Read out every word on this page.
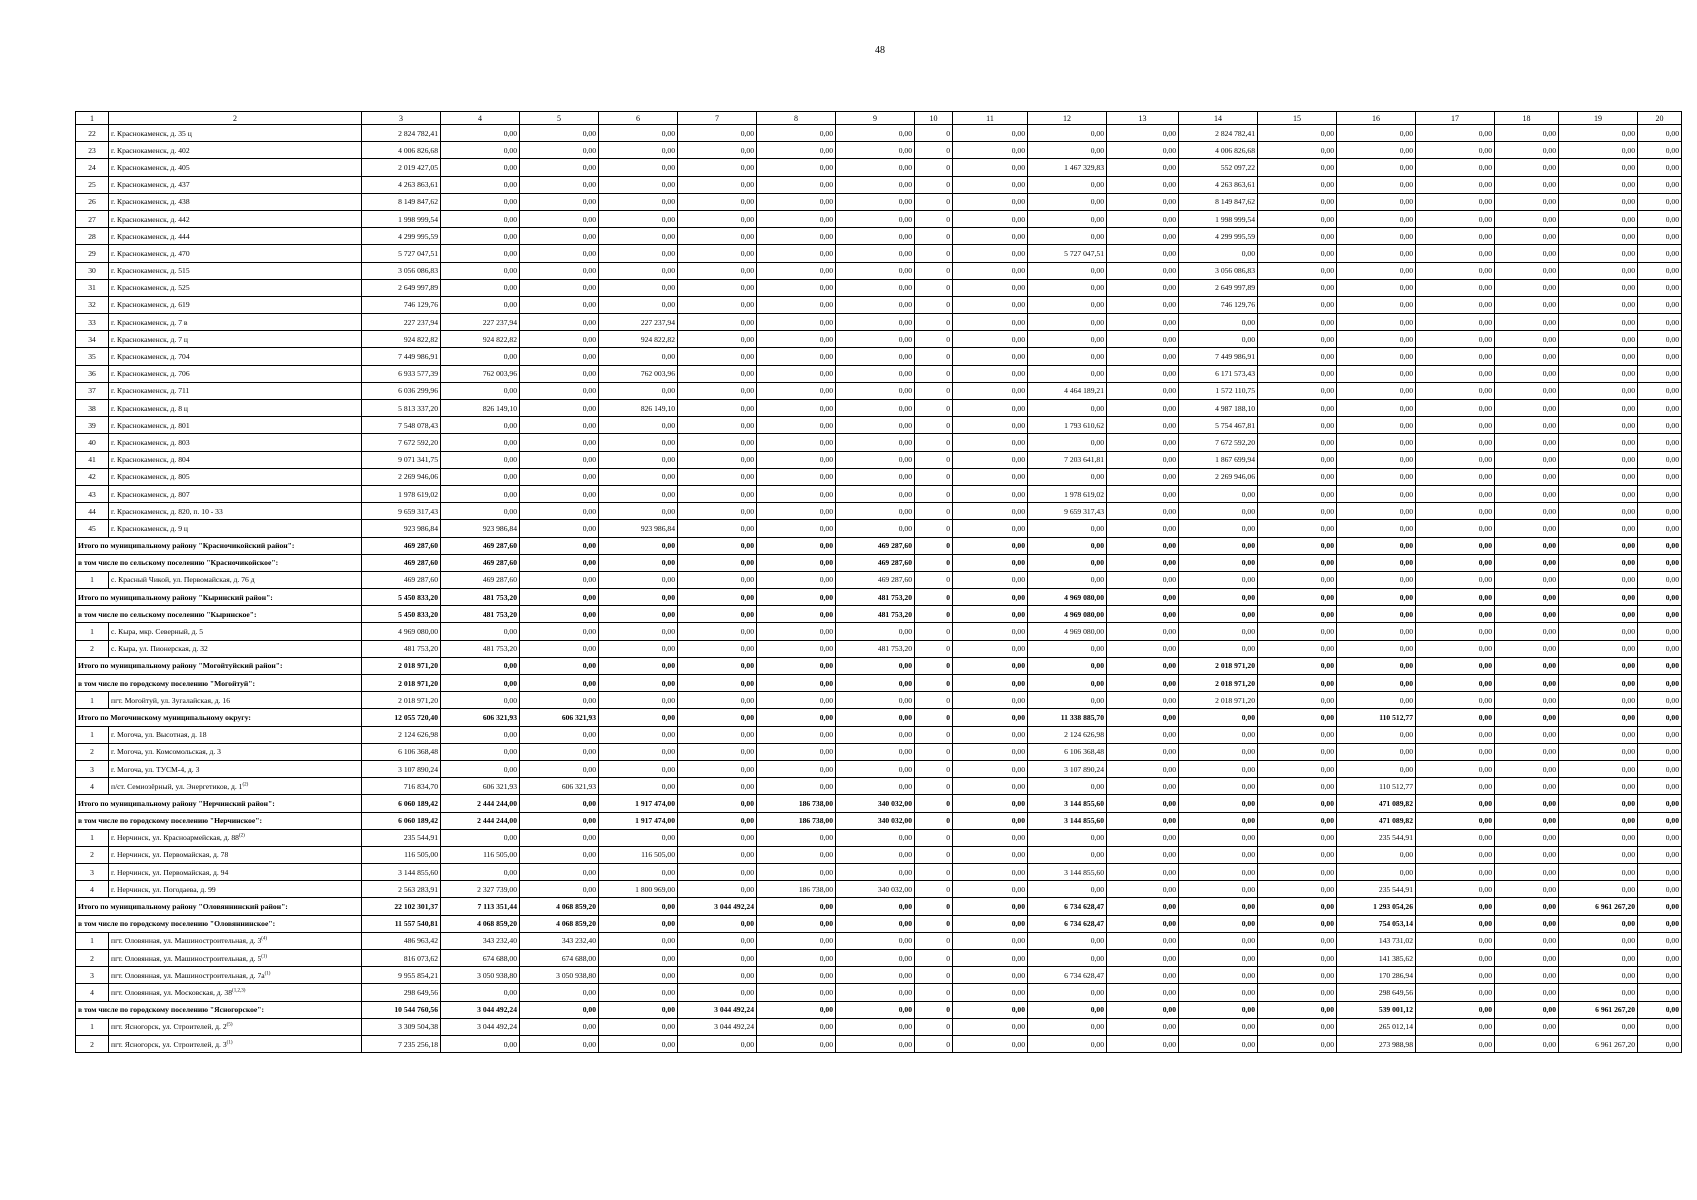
48
1	2	3	4	5	6	7	8	9	10	11	12	13	14	15	16	17	18	19	20
22	г. Краснокаменск, д. 35 ц	2 824 782,41	0,00	0,00	0,00	0,00	0,00	0,00	0	0,00	0,00	0,00	2 824 782,41	0,00	0,00	0,00	0,00	0,00	0,00
23	г. Краснокаменск, д. 402	4 006 826,68	0,00	0,00	0,00	0,00	0,00	0,00	0	0,00	0,00	0,00	4 006 826,68	0,00	0,00	0,00	0,00	0,00	0,00
24	г. Краснокаменск, д. 405	2 019 427,05	0,00	0,00	0,00	0,00	0,00	0,00	0	0,00	1 467 329,83	0,00	552 097,22	0,00	0,00	0,00	0,00	0,00	0,00
25	г. Краснокаменск, д. 437	4 263 863,61	0,00	0,00	0,00	0,00	0,00	0,00	0	0,00	0,00	0,00	4 263 863,61	0,00	0,00	0,00	0,00	0,00	0,00
26	г. Краснокаменск, д. 438	8 149 847,62	0,00	0,00	0,00	0,00	0,00	0,00	0	0,00	0,00	0,00	8 149 847,62	0,00	0,00	0,00	0,00	0,00	0,00
27	г. Краснокаменск, д. 442	1 998 999,54	0,00	0,00	0,00	0,00	0,00	0,00	0	0,00	0,00	0,00	1 998 999,54	0,00	0,00	0,00	0,00	0,00	0,00
28	г. Краснокаменск, д. 444	4 299 995,59	0,00	0,00	0,00	0,00	0,00	0,00	0	0,00	0,00	0,00	4 299 995,59	0,00	0,00	0,00	0,00	0,00	0,00
29	г. Краснокаменск, д. 470	5 727 047,51	0,00	0,00	0,00	0,00	0,00	0,00	0	0,00	5 727 047,51	0,00	0,00	0,00	0,00	0,00	0,00	0,00	0,00
30	г. Краснокаменск, д. 515	3 056 086,83	0,00	0,00	0,00	0,00	0,00	0,00	0	0,00	0,00	0,00	3 056 086,83	0,00	0,00	0,00	0,00	0,00	0,00
31	г. Краснокаменск, д. 525	2 649 997,89	0,00	0,00	0,00	0,00	0,00	0,00	0	0,00	0,00	0,00	2 649 997,89	0,00	0,00	0,00	0,00	0,00	0,00
32	г. Краснокаменск, д. 619	746 129,76	0,00	0,00	0,00	0,00	0,00	0,00	0	0,00	0,00	0,00	746 129,76	0,00	0,00	0,00	0,00	0,00	0,00
33	г. Краснокаменск, д. 7 в	227 237,94	227 237,94	0,00	227 237,94	0,00	0,00	0,00	0	0,00	0,00	0,00	0,00	0,00	0,00	0,00	0,00	0,00	0,00
34	г. Краснокаменск, д. 7 ц	924 822,82	924 822,82	0,00	924 822,82	0,00	0,00	0,00	0	0,00	0,00	0,00	0,00	0,00	0,00	0,00	0,00	0,00	0,00
35	г. Краснокаменск, д. 704	7 449 986,91	0,00	0,00	0,00	0,00	0,00	0,00	0	0,00	0,00	0,00	7 449 986,91	0,00	0,00	0,00	0,00	0,00	0,00
36	г. Краснокаменск, д. 706	6 933 577,39	762 003,96	0,00	762 003,96	0,00	0,00	0,00	0	0,00	0,00	0,00	6 171 573,43	0,00	0,00	0,00	0,00	0,00	0,00
37	г. Краснокаменск, д. 711	6 036 299,96	0,00	0,00	0,00	0,00	0,00	0,00	0	0,00	4 464 189,21	0,00	1 572 110,75	0,00	0,00	0,00	0,00	0,00	0,00
38	г. Краснокаменск, д. 8 ц	5 813 337,20	826 149,10	0,00	826 149,10	0,00	0,00	0,00	0	0,00	0,00	0,00	4 987 188,10	0,00	0,00	0,00	0,00	0,00	0,00
39	г. Краснокаменск, д. 801	7 548 078,43	0,00	0,00	0,00	0,00	0,00	0,00	0	0,00	1 793 610,62	0,00	5 754 467,81	0,00	0,00	0,00	0,00	0,00	0,00
40	г. Краснокаменск, д. 803	7 672 592,20	0,00	0,00	0,00	0,00	0,00	0,00	0	0,00	0,00	0,00	7 672 592,20	0,00	0,00	0,00	0,00	0,00	0,00
41	г. Краснокаменск, д. 804	9 071 341,75	0,00	0,00	0,00	0,00	0,00	0,00	0	0,00	7 203 641,81	0,00	1 867 699,94	0,00	0,00	0,00	0,00	0,00	0,00
42	г. Краснокаменск, д. 805	2 269 946,06	0,00	0,00	0,00	0,00	0,00	0,00	0	0,00	0,00	0,00	2 269 946,06	0,00	0,00	0,00	0,00	0,00	0,00
43	г. Краснокаменск, д. 807	1 978 619,02	0,00	0,00	0,00	0,00	0,00	0,00	0	0,00	1 978 619,02	0,00	0,00	0,00	0,00	0,00	0,00	0,00	0,00
44	г. Краснокаменск, д. 820, п. 10 - 33	9 659 317,43	0,00	0,00	0,00	0,00	0,00	0,00	0	0,00	9 659 317,43	0,00	0,00	0,00	0,00	0,00	0,00	0,00	0,00
45	г. Краснокаменск, д. 9 ц	923 986,84	923 986,84	0,00	923 986,84	0,00	0,00	0,00	0	0,00	0,00	0,00	0,00	0,00	0,00	0,00	0,00	0,00	0,00
Итого по муниципальному району "Красночикойский район":		469 287,60	469 287,60	0,00	0,00	0,00	0,00	469 287,60	0	0,00	0,00	0,00	0,00	0,00	0,00	0,00	0,00	0,00	0,00
в том числе по сельскому поселению "Красночикойское":		469 287,60	469 287,60	0,00	0,00	0,00	0,00	469 287,60	0	0,00	0,00	0,00	0,00	0,00	0,00	0,00	0,00	0,00	0,00
1	с. Красный Чикой, ул. Первомайская, д. 76 д	469 287,60	469 287,60	0,00	0,00	0,00	0,00	469 287,60	0	0,00	0,00	0,00	0,00	0,00	0,00	0,00	0,00	0,00	0,00
Итого по муниципальному району "Кыринский район":		5 450 833,20	481 753,20	0,00	0,00	0,00	0,00	481 753,20	0	0,00	4 969 080,00	0,00	0,00	0,00	0,00	0,00	0,00	0,00	0,00
в том числе по сельскому поселению "Кыринское":		5 450 833,20	481 753,20	0,00	0,00	0,00	0,00	481 753,20	0	0,00	4 969 080,00	0,00	0,00	0,00	0,00	0,00	0,00	0,00	0,00
1	с. Кыра, мкр. Северный, д. 5	4 969 080,00	0,00	0,00	0,00	0,00	0,00	0,00	0	0,00	4 969 080,00	0,00	0,00	0,00	0,00	0,00	0,00	0,00	0,00
2	с. Кыра, ул. Пионерская, д. 32	481 753,20	481 753,20	0,00	0,00	0,00	0,00	481 753,20	0	0,00	0,00	0,00	0,00	0,00	0,00	0,00	0,00	0,00	0,00
Итого по муниципальному району "Могойтуйский район":		2 018 971,20	0,00	0,00	0,00	0,00	0,00	0,00	0	0,00	0,00	0,00	2 018 971,20	0,00	0,00	0,00	0,00	0,00	0,00
в том числе по городскому поселению "Могойтуй":		2 018 971,20	0,00	0,00	0,00	0,00	0,00	0,00	0	0,00	0,00	0,00	2 018 971,20	0,00	0,00	0,00	0,00	0,00	0,00
1	пгт. Могойтуй, ул. Зугалайская, д. 16	2 018 971,20	0,00	0,00	0,00	0,00	0,00	0,00	0	0,00	0,00	0,00	2 018 971,20	0,00	0,00	0,00	0,00	0,00	0,00
Итого по Могочинскому муниципальному округу:		12 055 720,40	606 321,93	606 321,93	0,00	0,00	0,00	0,00	0	0,00	11 338 885,70	0,00	0,00	0,00	110 512,77	0,00	0,00	0,00	0,00
1	г. Могоча, ул. Высотная, д. 18	2 124 626,98	0,00	0,00	0,00	0,00	0,00	0,00	0	0,00	2 124 626,98	0,00	0,00	0,00	0,00	0,00	0,00	0,00	0,00
2	г. Могоча, ул. Комсомольская, д. 3	6 106 368,48	0,00	0,00	0,00	0,00	0,00	0,00	0	0,00	6 106 368,48	0,00	0,00	0,00	0,00	0,00	0,00	0,00	0,00
3	г. Могоча, ул. ТУСМ-4, д. 3	3 107 890,24	0,00	0,00	0,00	0,00	0,00	0,00	0	0,00	3 107 890,24	0,00	0,00	0,00	0,00	0,00	0,00	0,00	0,00
4	п/ст. Семиозёрный, ул. Энергетиков, д. 1$^{(2)}$	716 834,70	606 321,93	606 321,93	0,00	0,00	0,00	0,00	0	0,00	0,00	0,00	0,00	0,00	110 512,77	0,00	0,00	0,00	0,00
Итого по муниципальному району "Нерчинский район":		6 060 189,42	2 444 244,00	0,00	1 917 474,00	0,00	186 738,00	340 032,00	0	0,00	3 144 855,60	0,00	0,00	0,00	471 089,82	0,00	0,00	0,00	0,00
в том числе по городскому поселению "Нерчинское":		6 060 189,42	2 444 244,00	0,00	1 917 474,00	0,00	186 738,00	340 032,00	0	0,00	3 144 855,60	0,00	0,00	0,00	471 089,82	0,00	0,00	0,00	0,00
1	г. Нерчинск, ул. Красноармейская, д. 88$^{(2)}$	235 544,91	0,00	0,00	0,00	0,00	0,00	0,00	0	0,00	0,00	0,00	0,00	0,00	235 544,91	0,00	0,00	0,00	0,00
2	г. Нерчинск, ул. Первомайская, д. 78	116 505,00	116 505,00	0,00	116 505,00	0,00	0,00	0,00	0	0,00	0,00	0,00	0,00	0,00	0,00	0,00	0,00	0,00	0,00
3	г. Нерчинск, ул. Первомайская, д. 94	3 144 855,60	0,00	0,00	0,00	0,00	0,00	0,00	0	0,00	3 144 855,60	0,00	0,00	0,00	0,00	0,00	0,00	0,00	0,00
4	г. Нерчинск, ул. Погодаева, д. 99	2 563 283,91	2 327 739,00	0,00	1 800 969,00	0,00	186 738,00	340 032,00	0	0,00	0,00	0,00	0,00	0,00	235 544,91	0,00	0,00	0,00	0,00
Итого по муниципальному району "Оловяннинский район":		22 102 301,37	7 113 351,44	4 068 859,20	0,00	3 044 492,24	0,00	0,00	0	0,00	6 734 628,47	0,00	0,00	0,00	1 293 054,26	0,00	0,00	6 961 267,20	0,00
в том числе по городскому поселению "Оловяннинское":		11 557 540,81	4 068 859,20	4 068 859,20	0,00	0,00	0,00	0,00	0	0,00	6 734 628,47	0,00	0,00	0,00	754 053,14	0,00	0,00	0,00	0,00
1	пгт. Оловянная, ул. Машиностроительная, д. 3$^{(4)}$	486 963,42	343 232,40	343 232,40	0,00	0,00	0,00	0,00	0	0,00	0,00	0,00	0,00	0,00	143 731,02	0,00	0,00	0,00	0,00
2	пгт. Оловянная, ул. Машиностроительная, д. 5$^{(1)}$	816 073,62	674 688,00	674 688,00	0,00	0,00	0,00	0,00	0	0,00	0,00	0,00	0,00	0,00	141 385,62	0,00	0,00	0,00	0,00
3	пгт. Оловянная, ул. Машиностроительная, д. $7а^{(1)}$	9 955 854,21	3 050 938,80	3 050 938,80	0,00	0,00	0,00	0,00	0	0,00	6 734 628,47	0,00	0,00	0,00	170 286,94	0,00	0,00	0,00	0,00
4	пгт. Оловянная, ул. Московская, д. 38$^{(1,2,3)}$	298 649,56	0,00	0,00	0,00	0,00	0,00	0,00	0	0,00	0,00	0,00	0,00	0,00	298 649,56	0,00	0,00	0,00	0,00
в том числе по городскому поселению "Ясногорское":		10 544 760,56	3 044 492,24	0,00	0,00	3 044 492,24	0,00	0,00	0	0,00	0,00	0,00	0,00	0,00	539 001,12	0,00	0,00	6 961 267,20	0,00
1	пгт. Ясногорск, ул. Строителей, д. 2$^{(5)}$	3 309 504,38	3 044 492,24	0,00	0,00	3 044 492,24	0,00	0,00	0	0,00	0,00	0,00	0,00	0,00	265 012,14	0,00	0,00	0,00	0,00
2	пгт. Ясногорск, ул. Строителей, д. 3$^{(1)}$	7 235 256,18	0,00	0,00	0,00	0,00	0,00	0,00	0	0,00	0,00	0,00	0,00	0,00	273 988,98	0,00	0,00	6 961 267,20	0,00
